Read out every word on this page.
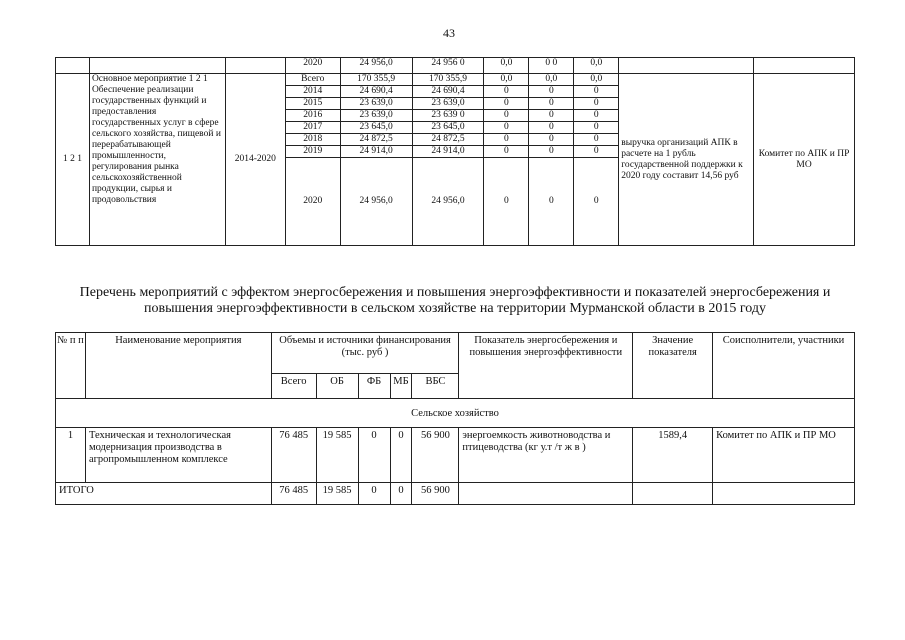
43
			2020	24 956,0	24 956 0	0,0	0 0	0,0		
1 2 1	Основное мероприятие 1 2 1 Обеспечение реализации государственных функций и предоставления государственных услуг в сфере сельского хозяйства, пищевой и перерабатывающей промышленности, регулирования рынка сельскохозяйственной продукции, сырья и продовольствия	2014-2020	Всего	170 355,9	170 355,9	0,0	0,0	0,0	выручка организаций АПК в расчете на 1 рубль государственной поддержки к 2020 году составит 14,56 руб	Комитет по АПК и ПР МО
			2014	24 690,4	24 690,4	0	0	0		
			2015	23 639,0	23 639,0	0	0	0		
			2016	23 639,0	23 639 0	0	0	0		
			2017	23 645,0	23 645,0	0	0	0		
			2018	24 872,5	24 872,5	0	0	0		
			2019	24 914,0	24 914,0	0	0	0		
			2020	24 956,0	24 956,0	0	0	0		
Перечень мероприятий с эффектом энергосбережения и повышения энергоэффективности и показателей энергосбережения и повышения энергоэффективности в сельском хозяйстве на территории Мурманской области в 2015 году
№ п п	Наименование мероприятия	Объемы и источники финансирования (тыс. руб )					Показатель энергосбережения и повышения энергоэффективности	Значение показателя	Соисполнители, участники
		Всего	ОБ	ФБ	МБ	ВБС			
Сельское хозяйство									
1	Техническая и технологическая модернизация производства в агропромышленном комплексе	76 485	19 585	0	0	56 900	энергоемкость животноводства и птицеводства (кг у.т /т ж в )	1589,4	Комитет по АПК и ПР МО
ИТОГО		76 485	19 585	0	0	56 900			
